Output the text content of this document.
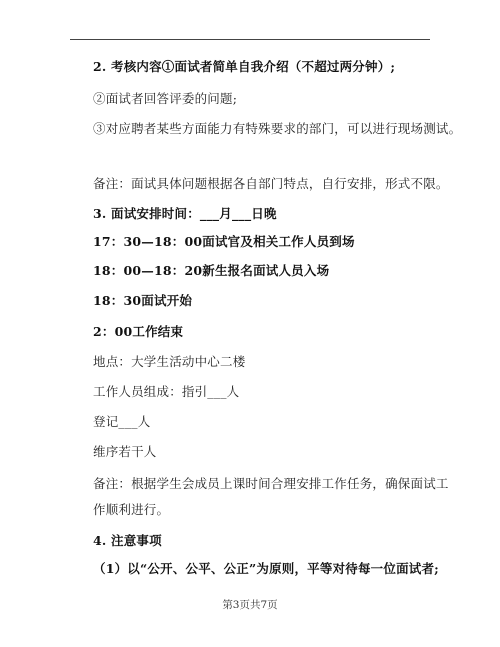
2. 考核内容①面试者简单自我介绍（不超过两分钟）;
②面试者回答评委的问题;
③对应聘者某些方面能力有特殊要求的部门，可以进行现场测试。
备注：面试具体问题根据各自部门特点，自行安排，形式不限。
3. 面试安排时间：___月___日晚
17：30—18：00面试官及相关工作人员到场
18：00—18：20新生报名面试人员入场
18：30面试开始
2：00工作结束
地点：大学生活动中心二楼
工作人员组成：指引___人
登记___人
维序若干人
备注：根据学生会成员上课时间合理安排工作任务，确保面试工
作顺利进行。
4. 注意事项
（1）以“公开、公平、公正”为原则，平等对待每一位面试者;
第3页共7页
